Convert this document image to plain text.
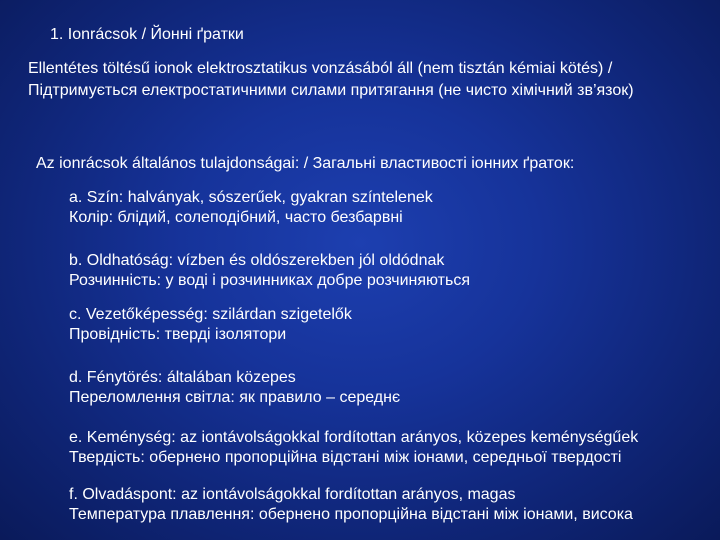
1. Ionrácsok / Йонні ґратки
Ellentétes töltésű ionok elektrosztatikus vonzásából áll (nem tisztán kémiai kötés) /
Підтримується електростатичними силами притягання (не чисто хімічний зв’язок)
Az ionrácsok általános tulajdonságai: / Загальні властивості іонних ґраток:
a. Szín: halványak, sószerűek, gyakran színtelenek
Колір: блідий, солеподібний, часто безбарвні
b. Oldhatóság: vízben és oldószerekben jól oldódnak
Розчинність: у воді і розчинниках добре розчиняються
c. Vezetőképesség: szilárdan szigetelők
Провідність: тверді ізолятори
d. Fénytörés: általában közepes
Переломлення світла: як правило – середнє
e. Keménység: az iontávolságokkal fordítottan arányos, közepes keménységűek
Твердість: обернено пропорційна відстані між іонами, середньої твердості
f. Olvadáspont: az iontávolságokkal fordítottan arányos, magas
Температура плавлення: обернено пропорційна відстані між іонами, висока
